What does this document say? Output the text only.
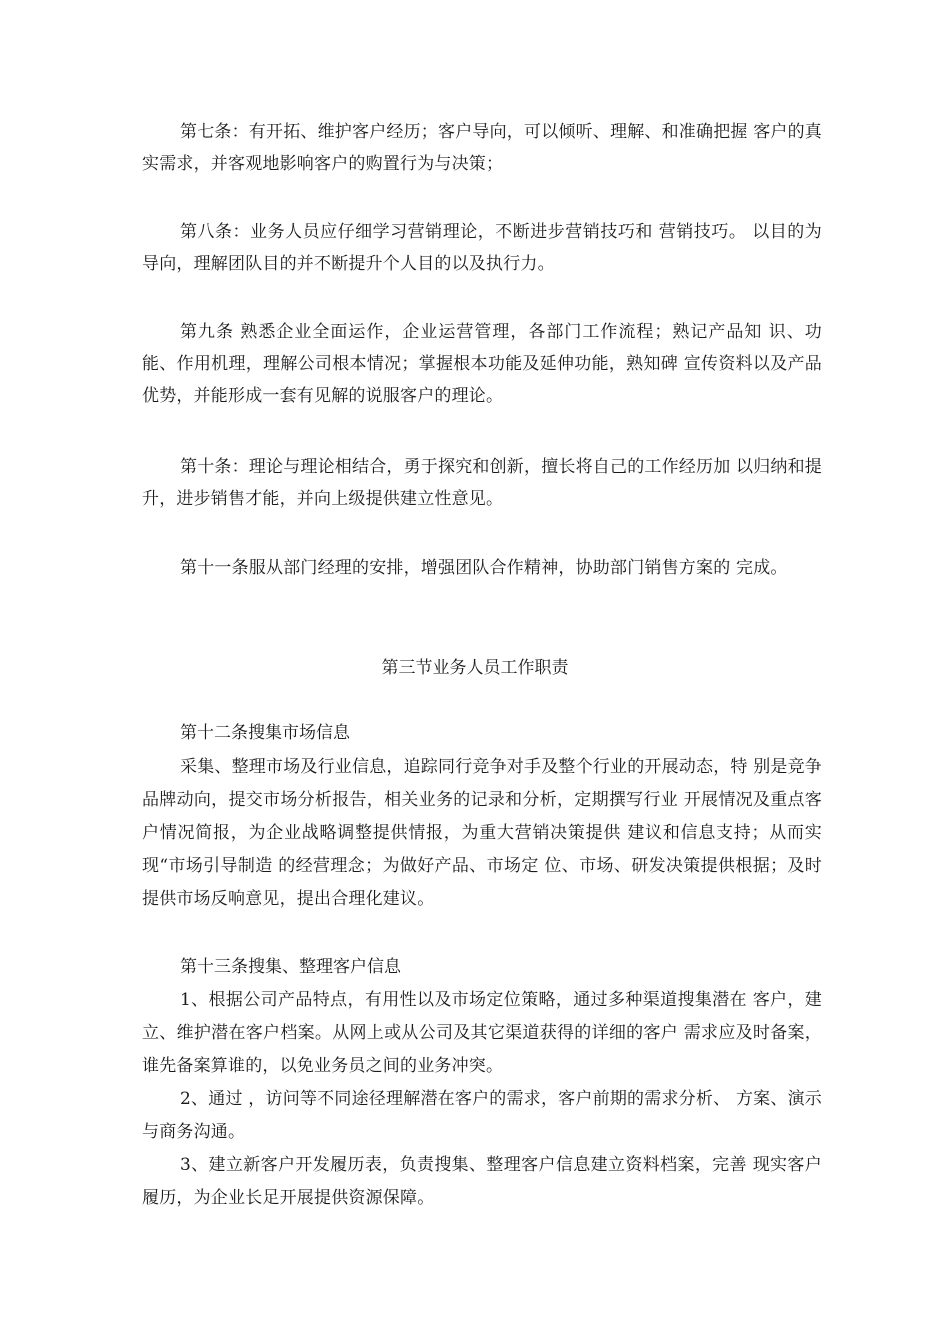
第七条：有开拓、维护客户经历；客户导向，可以倾听、理解、和准确把握 客户的真实需求，并客观地影响客户的购置行为与决策；

第八条：业务人员应仔细学习营销理论，不断进步营销技巧和 营销技巧。 以目的为导向，理解团队目的并不断提升个人目的以及执行力。

第九条 熟悉企业全面运作，企业运营管理，各部门工作流程；熟记产品知 识、功能、作用机理，理解公司根本情况；掌握根本功能及延伸功能，熟知碑 宣传资料以及产品优势，并能形成一套有见解的说服客户的理论。

第十条：理论与理论相结合，勇于探究和创新，擅长将自己的工作经历加 以归纳和提升，进步销售才能，并向上级提供建立性意见。

第十一条服从部门经理的安排，增强团队合作精神，协助部门销售方案的 完成。

第三节业务人员工作职责

第十二条搜集市场信息

采集、整理市场及行业信息，追踪同行竞争对手及整个行业的开展动态，特 别是竞争品牌动向，提交市场分析报告，相关业务的记录和分析，定期撰写行业 开展情况及重点客户情况简报，为企业战略调整提供情报，为重大营销决策提供 建议和信息支持；从而实现“市场引导制造 的经营理念；为做好产品、市场定 位、市场、研发决策提供根据；及时提供市场反响意见，提出合理化建议。

第十三条搜集、整理客户信息

1、根据公司产品特点，有用性以及市场定位策略，通过多种渠道搜集潜在 客户，建立、维护潜在客户档案。从网上或从公司及其它渠道获得的详细的客户 需求应及时备案，谁先备案算谁的，以免业务员之间的业务冲突。

2、通过 ，访问等不同途径理解潜在客户的需求，客户前期的需求分析、 方案、演示与商务沟通。

3、建立新客户开发履历表，负责搜集、整理客户信息建立资料档案，完善 现实客户履历，为企业长足开展提供资源保障。
